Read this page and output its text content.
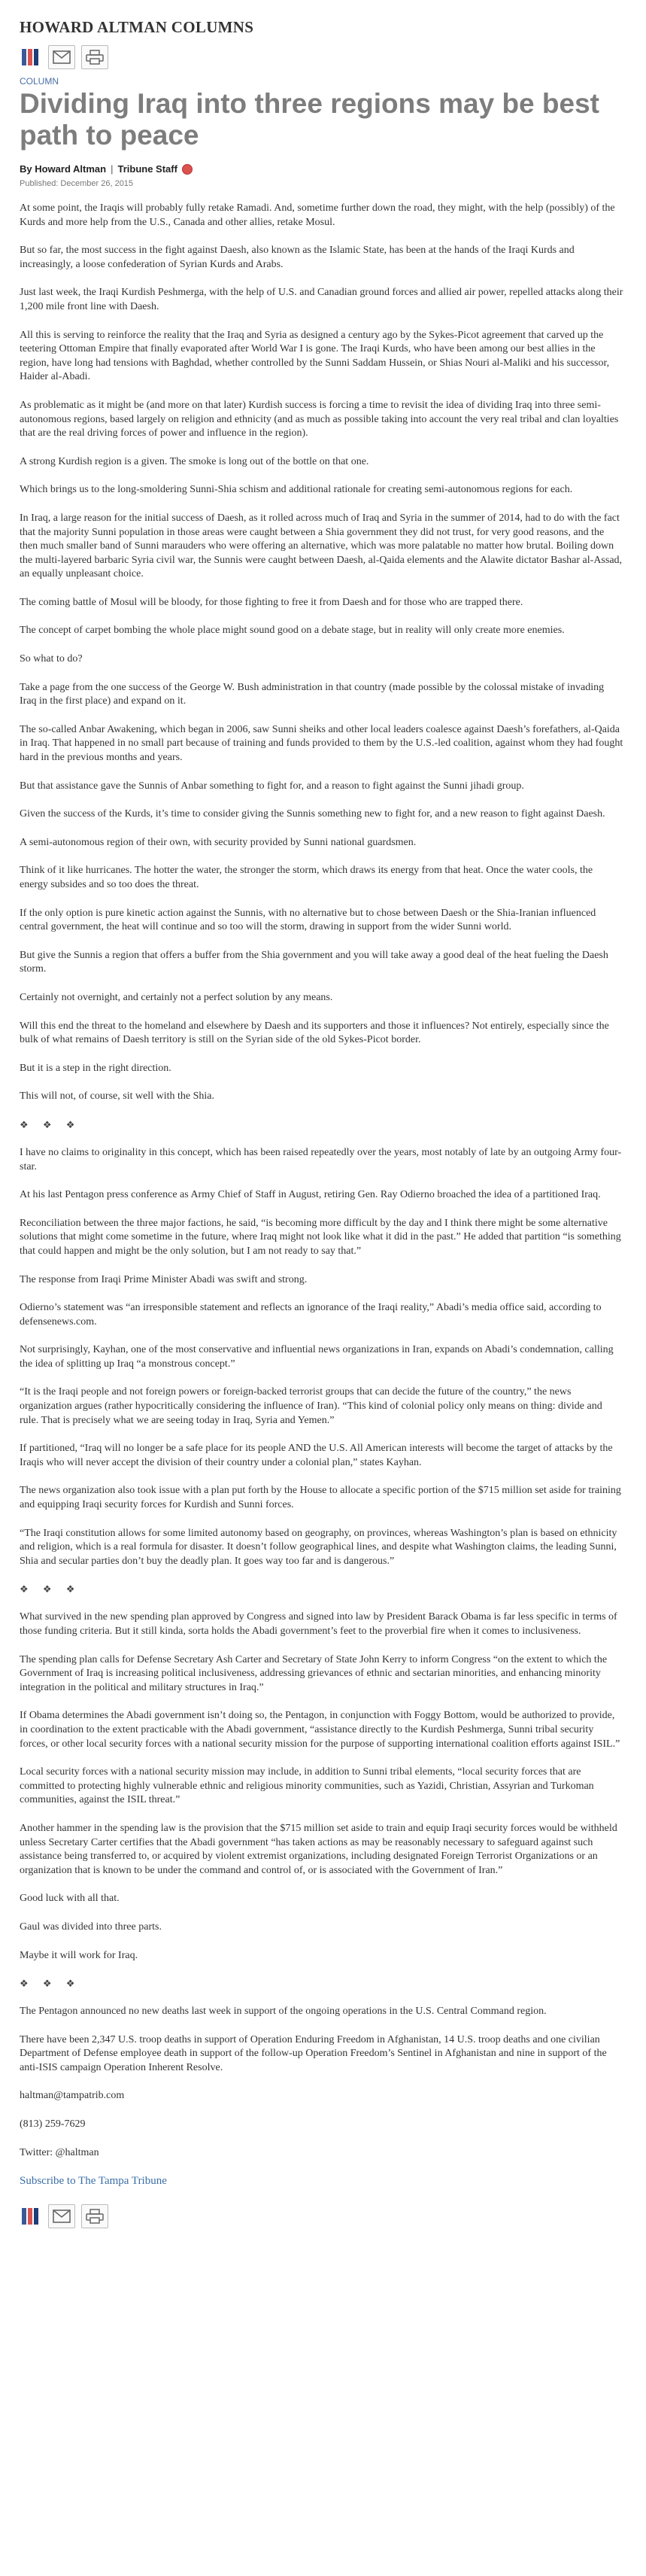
HOWARD ALTMAN COLUMNS
COLUMN
Dividing Iraq into three regions may be best path to peace
By Howard Altman | Tribune Staff
Published: December 26, 2015

At some point, the Iraqis will probably fully retake Ramadi. And, sometime further down the road, they might, with the help (possibly) of the Kurds and more help from the U.S., Canada and other allies, retake Mosul.

But so far, the most success in the fight against Daesh, also known as the Islamic State, has been at the hands of the Iraqi Kurds and increasingly, a loose confederation of Syrian Kurds and Arabs.

Just last week, the Iraqi Kurdish Peshmerga, with the help of U.S. and Canadian ground forces and allied air power, repelled attacks along their 1,200 mile front line with Daesh.

All this is serving to reinforce the reality that the Iraq and Syria as designed a century ago by the Sykes-Picot agreement that carved up the teetering Ottoman Empire that finally evaporated after World War I is gone. The Iraqi Kurds, who have been among our best allies in the region, have long had tensions with Baghdad, whether controlled by the Sunni Saddam Hussein, or Shias Nouri al-Maliki and his successor, Haider al-Abadi.

As problematic as it might be (and more on that later) Kurdish success is forcing a time to revisit the idea of dividing Iraq into three semi-autonomous regions, based largely on religion and ethnicity (and as much as possible taking into account the very real tribal and clan loyalties that are the real driving forces of power and influence in the region).

A strong Kurdish region is a given. The smoke is long out of the bottle on that one.

Which brings us to the long-smoldering Sunni-Shia schism and additional rationale for creating semi-autonomous regions for each.

In Iraq, a large reason for the initial success of Daesh, as it rolled across much of Iraq and Syria in the summer of 2014, had to do with the fact that the majority Sunni population in those areas were caught between a Shia government they did not trust, for very good reasons, and the then much smaller band of Sunni marauders who were offering an alternative, which was more palatable no matter how brutal. Boiling down the multi-layered barbaric Syria civil war, the Sunnis were caught between Daesh, al-Qaida elements and the Alawite dictator Bashar al-Assad, an equally unpleasant choice.

The coming battle of Mosul will be bloody, for those fighting to free it from Daesh and for those who are trapped there.

The concept of carpet bombing the whole place might sound good on a debate stage, but in reality will only create more enemies.

So what to do?

Take a page from the one success of the George W. Bush administration in that country (made possible by the colossal mistake of invading Iraq in the first place) and expand on it.

The so-called Anbar Awakening, which began in 2006, saw Sunni sheiks and other local leaders coalesce against Daesh’s forefathers, al-Qaida in Iraq. That happened in no small part because of training and funds provided to them by the U.S.-led coalition, against whom they had fought hard in the previous months and years.

But that assistance gave the Sunnis of Anbar something to fight for, and a reason to fight against the Sunni jihadi group.

Given the success of the Kurds, it’s time to consider giving the Sunnis something new to fight for, and a new reason to fight against Daesh.

A semi-autonomous region of their own, with security provided by Sunni national guardsmen.

Think of it like hurricanes. The hotter the water, the stronger the storm, which draws its energy from that heat. Once the water cools, the energy subsides and so too does the threat.

If the only option is pure kinetic action against the Sunnis, with no alternative but to chose between Daesh or the Shia-Iranian influenced central government, the heat will continue and so too will the storm, drawing in support from the wider Sunni world.

But give the Sunnis a region that offers a buffer from the Shia government and you will take away a good deal of the heat fueling the Daesh storm.

Certainly not overnight, and certainly not a perfect solution by any means.

Will this end the threat to the homeland and elsewhere by Daesh and its supporters and those it influences? Not entirely, especially since the bulk of what remains of Daesh territory is still on the Syrian side of the old Sykes-Picot border.

But it is a step in the right direction.

This will not, of course, sit well with the Shia.

❖ ❖ ❖

I have no claims to originality in this concept, which has been raised repeatedly over the years, most notably of late by an outgoing Army four-star.

At his last Pentagon press conference as Army Chief of Staff in August, retiring Gen. Ray Odierno broached the idea of a partitioned Iraq.

Reconciliation between the three major factions, he said, “is becoming more difficult by the day and I think there might be some alternative solutions that might come sometime in the future, where Iraq might not look like what it did in the past.” He added that partition “is something that could happen and might be the only solution, but I am not ready to say that.”

The response from Iraqi Prime Minister Abadi was swift and strong.

Odierno’s statement was “an irresponsible statement and reflects an ignorance of the Iraqi reality,” Abadi’s media office said, according to defensenews.com.

Not surprisingly, Kayhan, one of the most conservative and influential news organizations in Iran, expands on Abadi’s condemnation, calling the idea of splitting up Iraq “a monstrous concept.”

“It is the Iraqi people and not foreign powers or foreign-backed terrorist groups that can decide the future of the country,” the news organization argues (rather hypocritically considering the influence of Iran). “This kind of colonial policy only means on thing: divide and rule. That is precisely what we are seeing today in Iraq, Syria and Yemen.”

If partitioned, “Iraq will no longer be a safe place for its people AND the U.S. All American interests will become the target of attacks by the Iraqis who will never accept the division of their country under a colonial plan,” states Kayhan.

The news organization also took issue with a plan put forth by the House to allocate a specific portion of the $715 million set aside for training and equipping Iraqi security forces for Kurdish and Sunni forces.

“The Iraqi constitution allows for some limited autonomy based on geography, on provinces, whereas Washington’s plan is based on ethnicity and religion, which is a real formula for disaster. It doesn’t follow geographical lines, and despite what Washington claims, the leading Sunni, Shia and secular parties don’t buy the deadly plan. It goes way too far and is dangerous.”

❖ ❖ ❖

What survived in the new spending plan approved by Congress and signed into law by President Barack Obama is far less specific in terms of those funding criteria. But it still kinda, sorta holds the Abadi government’s feet to the proverbial fire when it comes to inclusiveness.

The spending plan calls for Defense Secretary Ash Carter and Secretary of State John Kerry to inform Congress “on the extent to which the Government of Iraq is increasing political inclusiveness, addressing grievances of ethnic and sectarian minorities, and enhancing minority integration in the political and military structures in Iraq.”

If Obama determines the Abadi government isn’t doing so, the Pentagon, in conjunction with Foggy Bottom, would be authorized to provide, in coordination to the extent practicable with the Abadi government, “assistance directly to the Kurdish Peshmerga, Sunni tribal security forces, or other local security forces with a national security mission for the purpose of supporting international coalition efforts against ISIL.”

Local security forces with a national security mission may include, in addition to Sunni tribal elements, “local security forces that are committed to protecting highly vulnerable ethnic and religious minority communities, such as Yazidi, Christian, Assyrian and Turkoman communities, against the ISIL threat.”

Another hammer in the spending law is the provision that the $715 million set aside to train and equip Iraqi security forces would be withheld unless Secretary Carter certifies that the Abadi government “has taken actions as may be reasonably necessary to safeguard against such assistance being transferred to, or acquired by violent extremist organizations, including designated Foreign Terrorist Organizations or an organization that is known to be under the command and control of, or is associated with the Government of Iran.”

Good luck with all that.

Gaul was divided into three parts.

Maybe it will work for Iraq.

❖ ❖ ❖

The Pentagon announced no new deaths last week in support of the ongoing operations in the U.S. Central Command region.

There have been 2,347 U.S. troop deaths in support of Operation Enduring Freedom in Afghanistan, 14 U.S. troop deaths and one civilian Department of Defense employee death in support of the follow-up Operation Freedom’s Sentinel in Afghanistan and nine in support of the anti-ISIS campaign Operation Inherent Resolve.

haltman@tampatrib.com

(813) 259-7629

Twitter: @haltman

Subscribe to The Tampa Tribune
